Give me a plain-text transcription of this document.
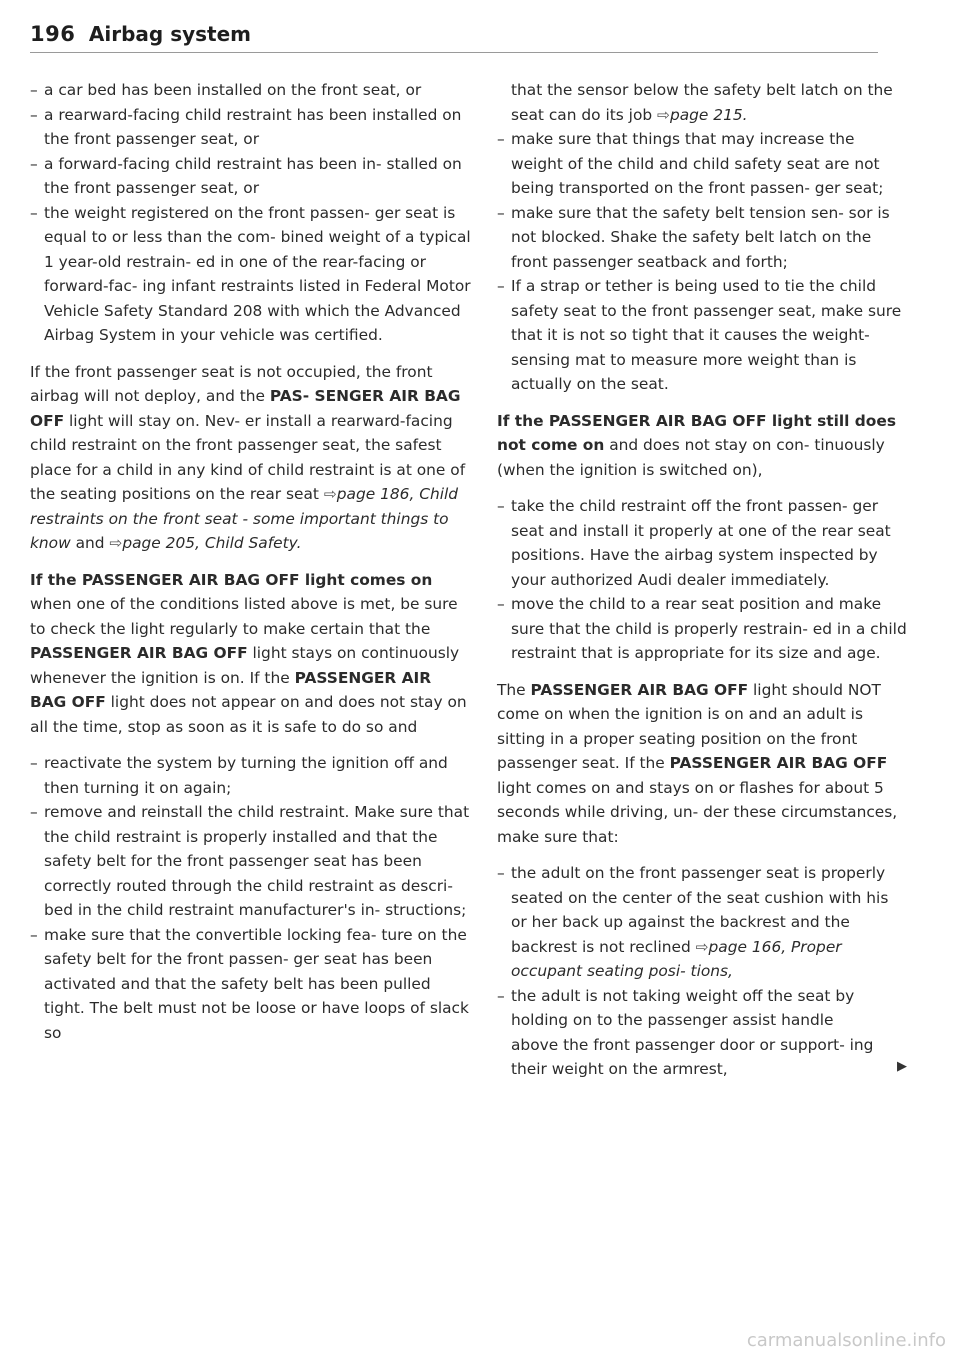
196 Airbag system
– a car bed has been installed on the front seat, or
– a rearward-facing child restraint has been installed on the front passenger seat, or
– a forward-facing child restraint has been in- stalled on the front passenger seat, or
– the weight registered on the front passen- ger seat is equal to or less than the com- bined weight of a typical 1 year-old restrain- ed in one of the rear-facing or forward-fac- ing infant restraints listed in Federal Motor Vehicle Safety Standard 208 with which the Advanced Airbag System in your vehicle was certified.

If the front passenger seat is not occupied, the front airbag will not deploy, and the PAS- SENGER AIR BAG OFF light will stay on. Nev- er install a rearward-facing child restraint on the front passenger seat, the safest place for a child in any kind of child restraint is at one of the seating positions on the rear seat ⇨page 186, Child restraints on the front seat - some important things to know and ⇨page 205, Child Safety.

If the PASSENGER AIR BAG OFF light comes on when one of the conditions listed above is met, be sure to check the light regularly to make certain that the PASSENGER AIR BAG OFF light stays on continuously whenever the ignition is on. If the PASSENGER AIR BAG OFF light does not appear on and does not stay on all the time, stop as soon as it is safe to do so and

– reactivate the system by turning the ignition off and then turning it on again;
– remove and reinstall the child restraint. Make sure that the child restraint is properly installed and that the safety belt for the front passenger seat has been correctly routed through the child restraint as descri- bed in the child restraint manufacturer's in- structions;
– make sure that the convertible locking fea- ture on the safety belt for the front passen- ger seat has been activated and that the safety belt has been pulled tight. The belt must not be loose or have loops of slack so
that the sensor below the safety belt latch on the seat can do its job ⇨page 215.
– make sure that things that may increase the weight of the child and child safety seat are not being transported on the front passen- ger seat;
– make sure that the safety belt tension sen- sor is not blocked. Shake the safety belt latch on the front passenger seatback and forth;
– If a strap or tether is being used to tie the child safety seat to the front passenger seat, make sure that it is not so tight that it causes the weight-sensing mat to measure more weight than is actually on the seat.

If the PASSENGER AIR BAG OFF light still does not come on and does not stay on con- tinuously (when the ignition is switched on),

– take the child restraint off the front passen- ger seat and install it properly at one of the rear seat positions. Have the airbag system inspected by your authorized Audi dealer immediately.
– move the child to a rear seat position and make sure that the child is properly restrain- ed in a child restraint that is appropriate for its size and age.

The PASSENGER AIR BAG OFF light should NOT come on when the ignition is on and an adult is sitting in a proper seating position on the front passenger seat. If the PASSENGER AIR BAG OFF light comes on and stays on or flashes for about 5 seconds while driving, un- der these circumstances, make sure that:

– the adult on the front passenger seat is properly seated on the center of the seat cushion with his or her back up against the backrest and the backrest is not reclined ⇨page 166, Proper occupant seating posi- tions,
– the adult is not taking weight off the seat by holding on to the passenger assist handle above the front passenger door or support- ing their weight on the armrest,	▶
carmanualsonline.info
